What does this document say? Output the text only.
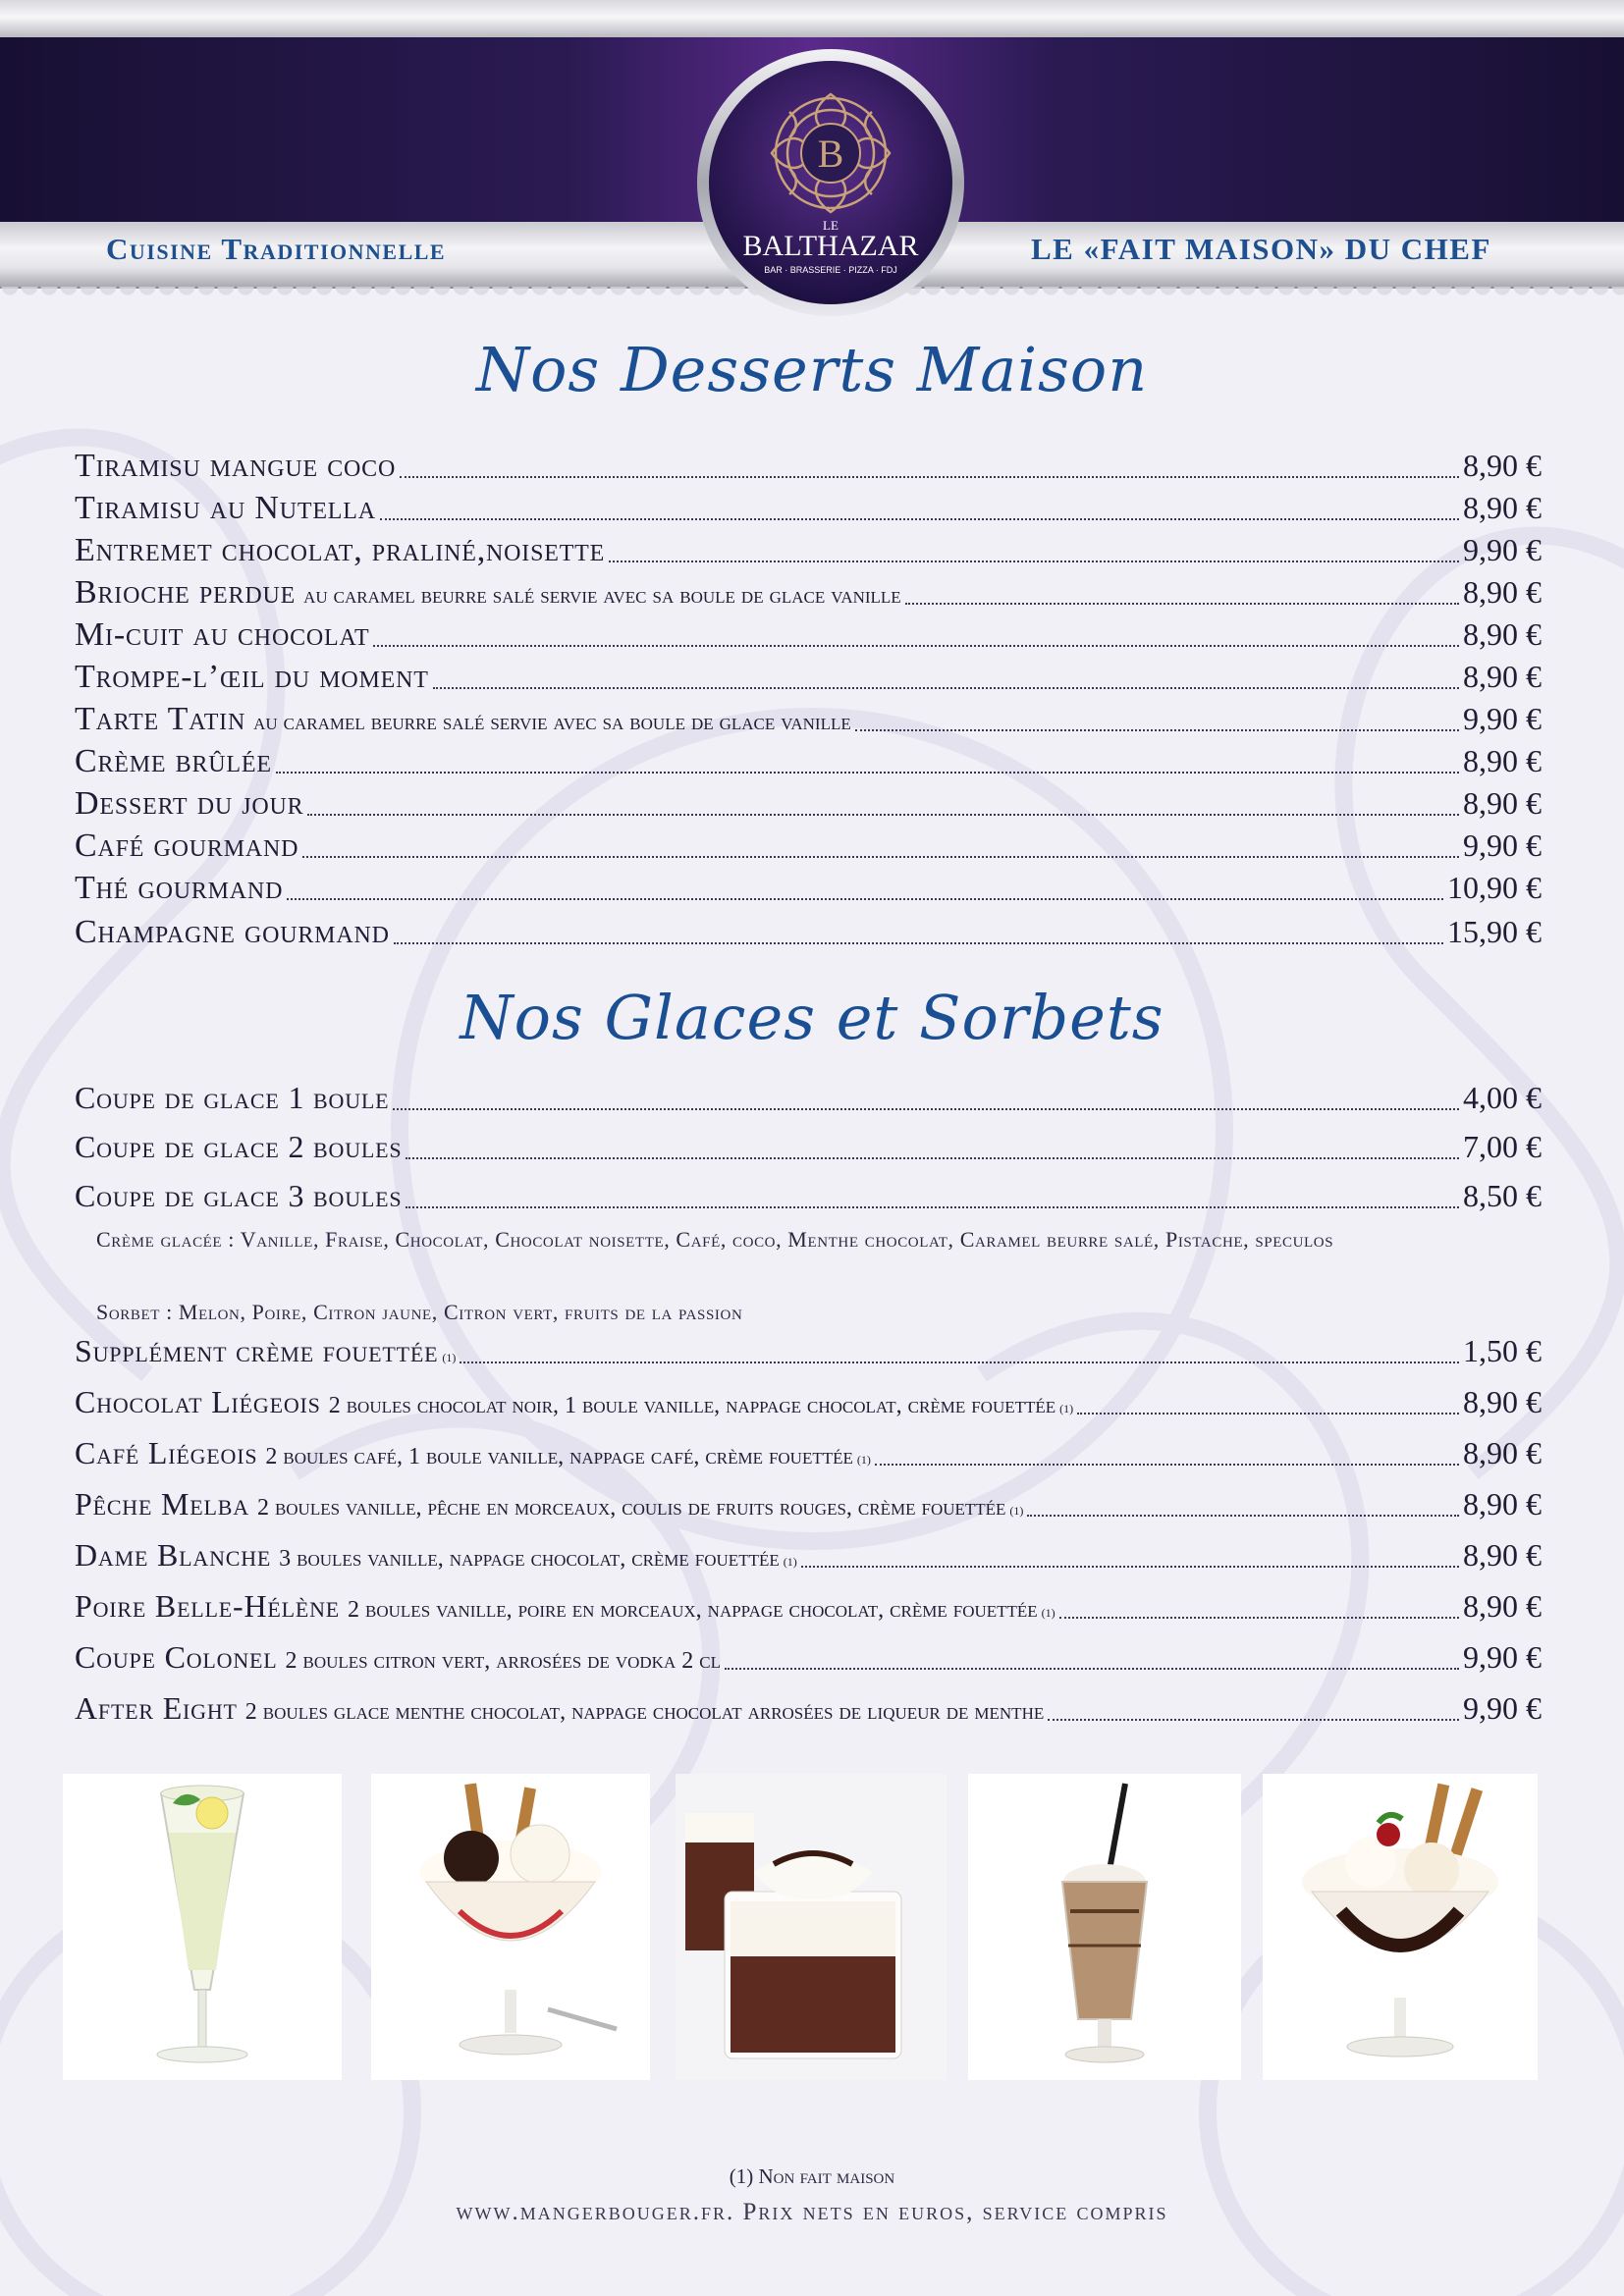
Cuisine Traditionnelle	LE «FAIT MAISON» DU CHEF
B
LE
BALTHAZAR
BAR · BRASSERIE · PIZZA · FDJ
Nos Desserts Maison
Tiramisu mangue coco	8,90 €
Tiramisu au Nutella	8,90 €
Entremet chocolat, praliné,noisette	9,90 €
Brioche perdue au caramel beurre salé servie avec sa boule de glace vanille	8,90 €
Mi-cuit au chocolat	8,90 €
Trompe-l’œil du moment	8,90 €
Tarte Tatin au caramel beurre salé servie avec sa boule de glace vanille	9,90 €
Crème brûlée	8,90 €
Dessert du jour	8,90 €
Café gourmand	9,90 €
Thé gourmand	10,90 €
Champagne gourmand	15,90 €
Nos Glaces et Sorbets
Coupe de glace 1 boule	4,00 €
Coupe de glace 2 boules	7,00 €
Coupe de glace 3 boules	8,50 €
Supplément crème fouettée (1)	1,50 €
Chocolat Liégeois 2 boules chocolat noir, 1 boule vanille, nappage chocolat, crème fouettée (1)	8,90 €
Café Liégeois 2 boules café, 1 boule vanille, nappage café, crème fouettée (1)	8,90 €
Pêche Melba 2 boules vanille, pêche en morceaux, coulis de fruits rouges, crème fouettée (1)	8,90 €
Dame Blanche 3 boules vanille, nappage chocolat, crème fouettée (1)	8,90 €
Poire Belle-Hélène 2 boules vanille, poire en morceaux, nappage chocolat, crème fouettée (1)	8,90 €
Coupe Colonel 2 boules citron vert, arrosées de vodka 2 cl	9,90 €
After Eight 2 boules glace menthe chocolat, nappage chocolat arrosées de liqueur de menthe	9,90 €
Crème glacée : Vanille, Fraise, Chocolat, Chocolat noisette, Café, coco, Menthe chocolat, Caramel beurre salé, Pistache, speculos
Sorbet : Melon, Poire, Citron jaune, Citron vert, fruits de la passion
(1) Non fait maison
www.mangerbouger.fr. Prix nets en euros, service compris
